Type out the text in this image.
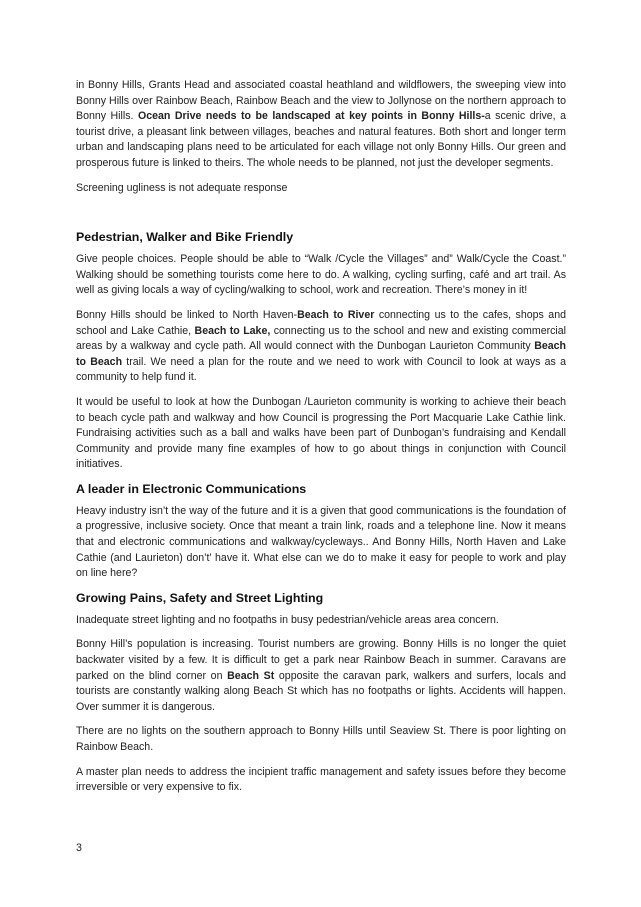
in Bonny Hills, Grants Head and associated coastal heathland and wildflowers, the sweeping view into Bonny Hills over Rainbow Beach, Rainbow Beach and the view to Jollynose on the northern approach to Bonny Hills. Ocean Drive needs to be landscaped at key points in Bonny Hills-a scenic drive, a tourist drive, a pleasant link between villages, beaches and natural features. Both short and longer term urban and landscaping plans need to be articulated for each village not only Bonny Hills. Our green and prosperous future is linked to theirs. The whole needs to be planned, not just the developer segments.

Screening ugliness is not adequate response

Pedestrian, Walker and Bike Friendly

Give people choices. People should be able to “Walk /Cycle the Villages” and” Walk/Cycle the Coast.” Walking should be something tourists come here to do. A walking, cycling surfing, café and art trail. As well as giving locals a way of cycling/walking to school, work and recreation. There’s money in it!

Bonny Hills should be linked to North Haven-Beach to River connecting us to the cafes, shops and school and Lake Cathie, Beach to Lake, connecting us to the school and new and existing commercial areas by a walkway and cycle path. All would connect with the Dunbogan Laurieton Community Beach to Beach trail. We need a plan for the route and we need to work with Council to look at ways as a community to help fund it.

It would be useful to look at how the Dunbogan /Laurieton community is working to achieve their beach to beach cycle path and walkway and how Council is progressing the Port Macquarie Lake Cathie link. Fundraising activities such as a ball and walks have been part of Dunbogan’s fundraising and Kendall Community and provide many fine examples of how to go about things in conjunction with Council initiatives.

A leader in Electronic Communications

Heavy industry isn’t the way of the future and it is a given that good communications is the foundation of a progressive, inclusive society. Once that meant a train link, roads and a telephone line. Now it means that and electronic communications and walkway/cycleways.. And Bonny Hills, North Haven and Lake Cathie (and Laurieton) don’t’ have it. What else can we do to make it easy for people to work and play on line here?

Growing Pains, Safety and Street Lighting

Inadequate street lighting and no footpaths in busy pedestrian/vehicle areas area concern.

Bonny Hill’s population is increasing. Tourist numbers are growing. Bonny Hills is no longer the quiet backwater visited by a few. It is difficult to get a park near Rainbow Beach in summer. Caravans are parked on the blind corner on Beach St opposite the caravan park, walkers and surfers, locals and tourists are constantly walking along Beach St which has no footpaths or lights. Accidents will happen. Over summer it is dangerous.

There are no lights on the southern approach to Bonny Hills until Seaview St. There is poor lighting on Rainbow Beach.

A master plan needs to address the incipient traffic management and safety issues before they become irreversible or very expensive to fix.

3
